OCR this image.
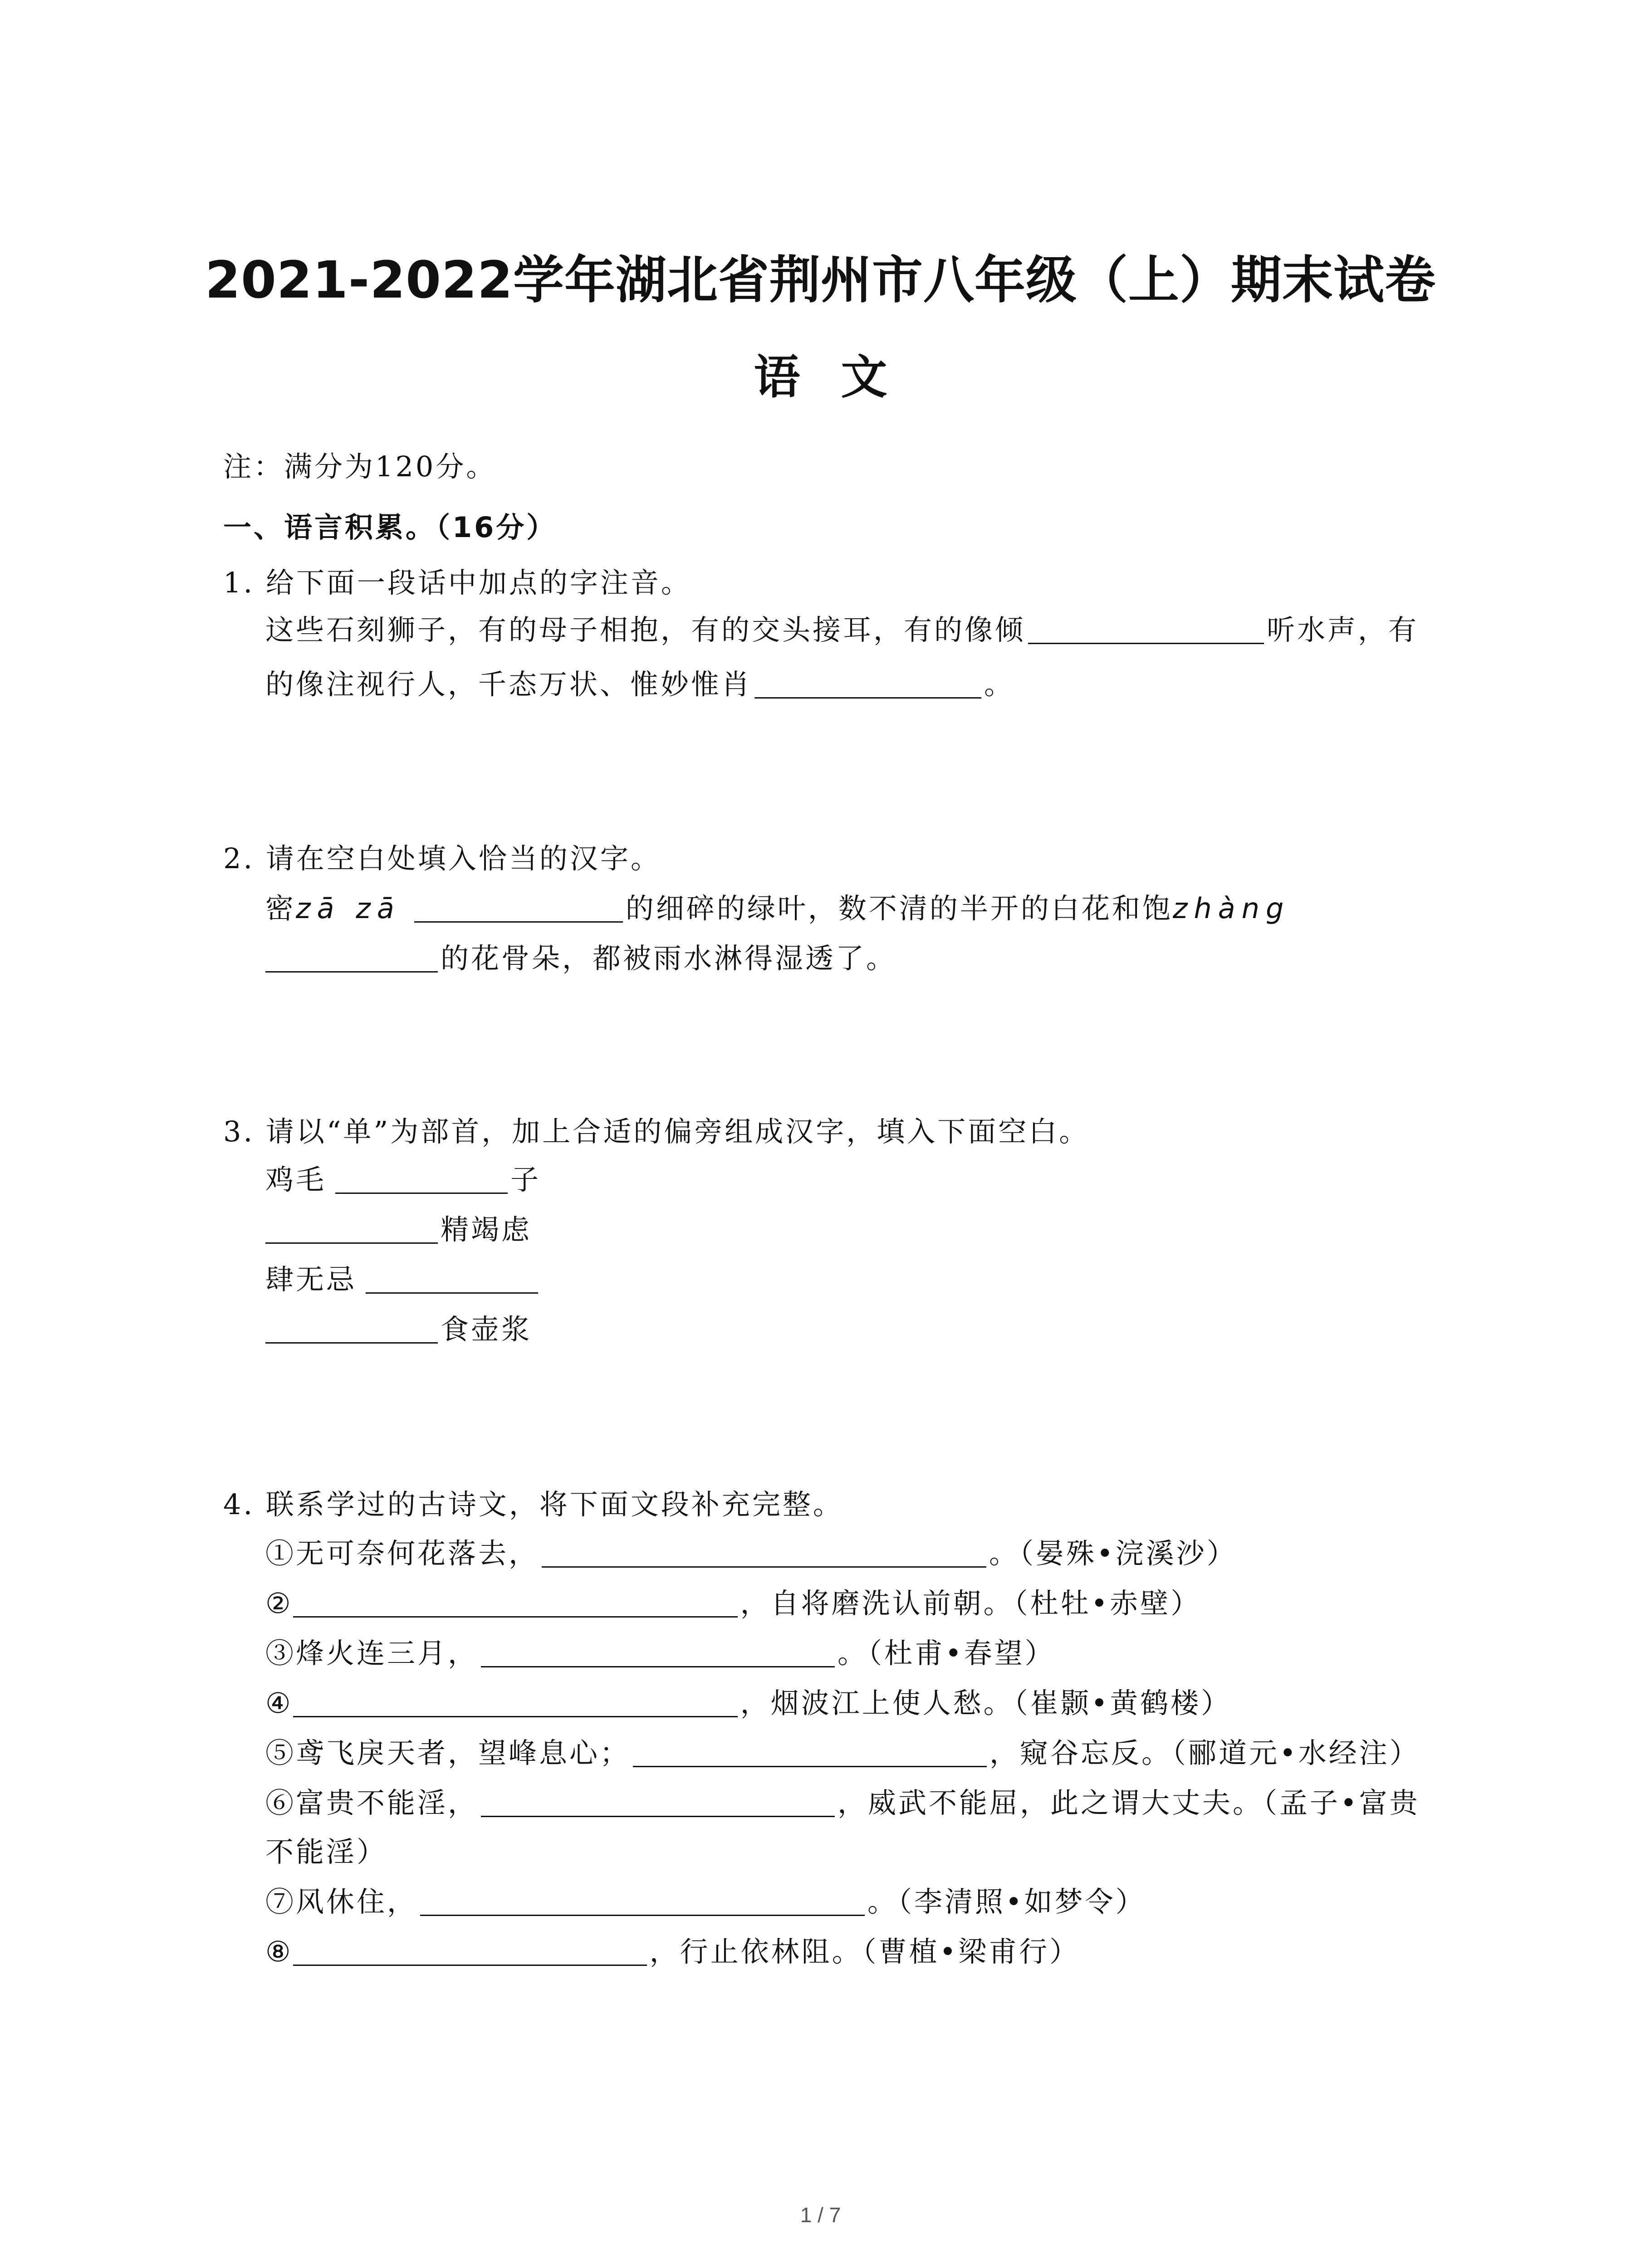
2021-2022学年湖北省荆州市八年级（上）期末试卷
语文
注：满分为120分。
一、语言积累。（16分）
1. 给下面一段话中加点的字注音。
这些石刻狮子，有的母子相抱，有的交头接耳，有的像倾	听水声，有
的像注视行人，千态万状、惟妙惟肖	。
2. 请在空白处填入恰当的汉字。
密zā zā	的细碎的绿叶，数不清的半开的白花和饱zhàng
的花骨朵，都被雨水淋得湿透了。
3. 请以“单”为部首，加上合适的偏旁组成汉字，填入下面空白。
鸡毛	子
精竭虑
肆无忌
食壶浆
4. 联系学过的古诗文，将下面文段补充完整。
①无可奈何花落去，	。（晏殊•浣溪沙）
②	，自将磨洗认前朝。（杜牡•赤壁）
③烽火连三月，	。（杜甫•春望）
④	，烟波江上使人愁。（崔颢•黄鹤楼）
⑤鸢飞戾天者，望峰息心；	，窥谷忘反。（郦道元•水经注）
⑥富贵不能淫，	，威武不能屈，此之谓大丈夫。（孟子•富贵
不能淫）
⑦风休住，	。（李清照•如梦令）
⑧	，行止依林阻。（曹植•梁甫行）
1 / 7
